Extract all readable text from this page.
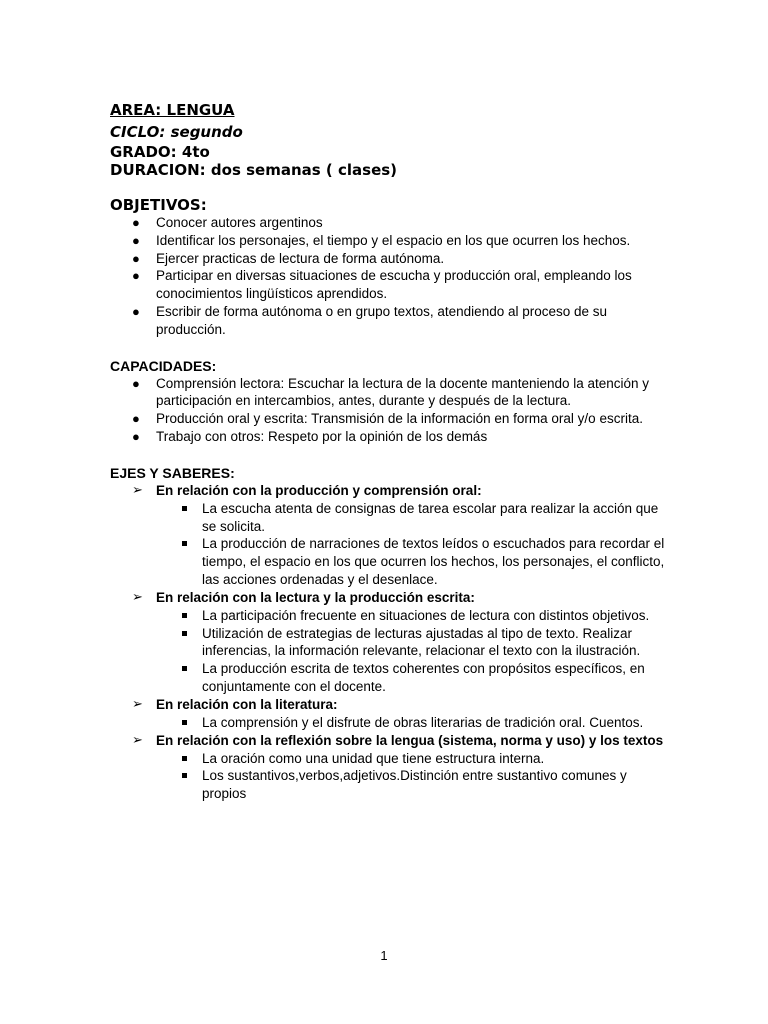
AREA: LENGUA
CICLO: segundo
GRADO: 4to
DURACION: dos semanas ( clases)
OBJETIVOS:
● Conocer autores argentinos
● Identificar los personajes, el tiempo y el espacio en los que ocurren los hechos.
● Ejercer practicas de lectura de forma autónoma.
● Participar en diversas situaciones de escucha y producción oral, empleando los conocimientos lingüísticos aprendidos.
● Escribir de forma autónoma o en grupo textos, atendiendo al proceso de su producción.
CAPACIDADES:
● Comprensión lectora: Escuchar la lectura de la docente manteniendo la atención y participación en intercambios, antes, durante y después de la lectura.
● Producción oral y escrita: Transmisión de la información en forma oral y/o escrita.
● Trabajo con otros: Respeto por la opinión de los demás
EJES Y SABERES:
➢ En relación con la producción y comprensión oral:
La escucha atenta de consignas de tarea escolar para realizar la acción que se solicita.
La producción de narraciones de textos leídos o escuchados para recordar el tiempo, el espacio en los que ocurren los hechos, los personajes, el conflicto, las acciones ordenadas y el desenlace.
➢ En relación con la lectura y la producción escrita:
La participación frecuente en situaciones de lectura con distintos objetivos.
Utilización de estrategias de lecturas ajustadas al tipo de texto. Realizar inferencias, la información relevante, relacionar el texto con la ilustración.
La producción escrita de textos coherentes con propósitos específicos, en conjuntamente con el docente.
➢ En relación con la literatura:
La comprensión y el disfrute de obras literarias de tradición oral. Cuentos.
➢ En relación con la reflexión sobre la lengua (sistema, norma y uso) y los textos
La oración como una unidad que tiene estructura interna.
Los sustantivos,verbos,adjetivos.Distinción entre sustantivo comunes y propios
1
